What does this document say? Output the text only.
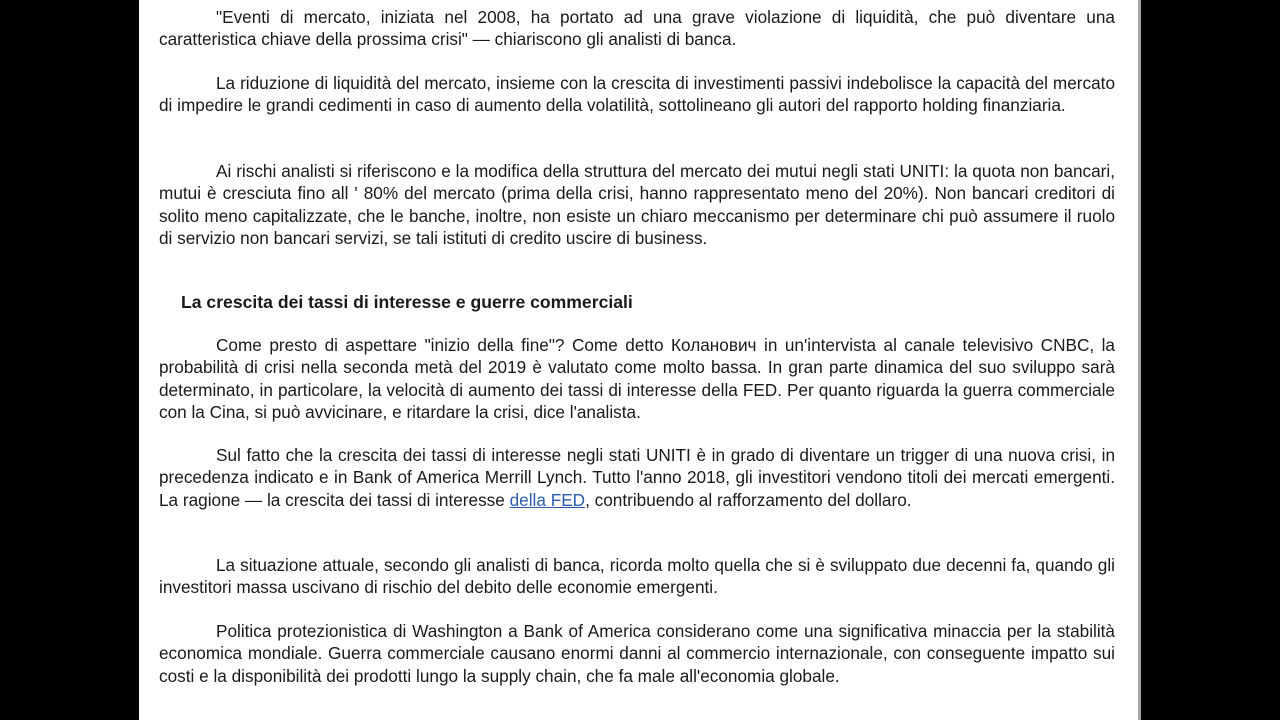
"Eventi di mercato, iniziata nel 2008, ha portato ad una grave violazione di liquidità, che può diventare una caratteristica chiave della prossima crisi" — chiariscono gli analisti di banca.

La riduzione di liquidità del mercato, insieme con la crescita di investimenti passivi indebolisce la capacità del mercato di impedire le grandi cedimenti in caso di aumento della volatilità, sottolineano gli autori del rapporto holding finanziaria.

Ai rischi analisti si riferiscono e la modifica della struttura del mercato dei mutui negli stati UNITI: la quota non bancari, mutui è cresciuta fino all ' 80% del mercato (prima della crisi, hanno rappresentato meno del 20%). Non bancari creditori di solito meno capitalizzate, che le banche, inoltre, non esiste un chiaro meccanismo per determinare chi può assumere il ruolo di servizio non bancari servizi, se tali istituti di credito uscire di business.

La crescita dei tassi di interesse e guerre commerciali

Come presto di aspettare "inizio della fine"? Come detto Коланович in un'intervista al canale televisivo CNBC, la probabilità di crisi nella seconda metà del 2019 è valutato come molto bassa. In gran parte dinamica del suo sviluppo sarà determinato, in particolare, la velocità di aumento dei tassi di interesse della FED. Per quanto riguarda la guerra commerciale con la Cina, si può avvicinare, e ritardare la crisi, dice l'analista.

Sul fatto che la crescita dei tassi di interesse negli stati UNITI è in grado di diventare un trigger di una nuova crisi, in precedenza indicato e in Bank of America Merrill Lynch. Tutto l'anno 2018, gli investitori vendono titoli dei mercati emergenti. La ragione — la crescita dei tassi di interesse della FED, contribuendo al rafforzamento del dollaro.

La situazione attuale, secondo gli analisti di banca, ricorda molto quella che si è sviluppato due decenni fa, quando gli investitori massa uscivano di rischio del debito delle economie emergenti.

Politica protezionistica di Washington a Bank of America considerano come una significativa minaccia per la stabilità economica mondiale. Guerra commerciale causano enormi danni al commercio internazionale, con conseguente impatto sui costi e la disponibilità dei prodotti lungo la supply chain, che fa male all'economia globale.
